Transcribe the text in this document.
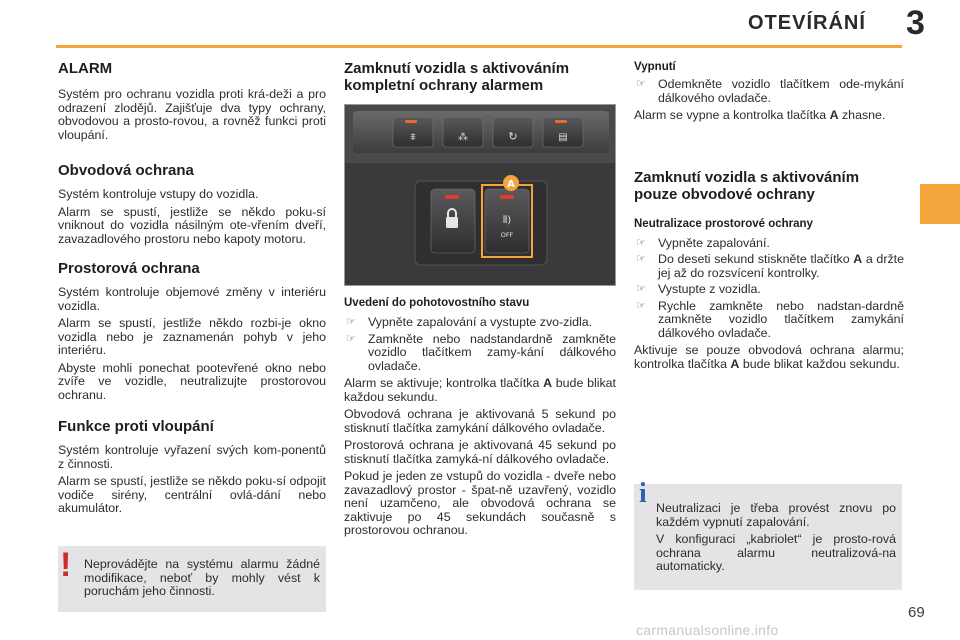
OTEVÍRÁNÍ 3
ALARM

Systém pro ochranu vozidla proti krá-deži a pro odrazení zlodějů. Zajišťuje dva typy ochrany, obvodovou a prosto-rovou, a rovněž funkci proti vloupání.

Obvodová ochrana

Systém kontroluje vstupy do vozidla.

Alarm se spustí, jestliže se někdo poku-sí vniknout do vozidla násilným ote-vřením dveří, zavazadlového prostoru nebo kapoty motoru.

Prostorová ochrana

Systém kontroluje objemové změny v interiéru vozidla.

Alarm se spustí, jestliže někdo rozbi-je okno vozidla nebo je zaznamenán pohyb v jeho interiéru.

Abyste mohli ponechat pootevřené okno nebo zvíře ve vozidle, neutralizujte prostorovou ochranu.

Funkce proti vloupání

Systém kontroluje vyřazení svých kom-ponentů z činnosti.

Alarm se spustí, jestliže se někdo poku-sí odpojit vodiče sirény, centrální ovlá-dání nebo akumulátor.

! Neprovádějte na systému alarmu žádné modifikace, neboť by mohly vést k poruchám jeho činnosti.
Zamknutí vozidla s aktivováním kompletní ochrany alarmem
⩨	⁂	↻	▤
⦀)
OFF
A
Uvedení do pohotovostního stavu
☞ Vypněte zapalování a vystupte zvo-zidla.
☞ Zamkněte nebo nadstandardně zamkněte vozidlo tlačítkem zamy-kání dálkového ovladače.

Alarm se aktivuje; kontrolka tlačítka A bude blikat každou sekundu.

Obvodová ochrana je aktivovaná 5 sekund po stisknutí tlačítka zamykání dálkového ovladače.

Prostorová ochrana je aktivovaná 45 sekund po stisknutí tlačítka zamyká-ní dálkového ovladače.

Pokud je jeden ze vstupů do vozidla - dveře nebo zavazadlový prostor - špat-ně uzavřený, vozidlo není uzamčeno, ale obvodová ochrana se zaktivuje po 45 sekundách současně s prostorovou ochranou.

Vypnutí
☞ Odemkněte vozidlo tlačítkem ode-mykání dálkového ovladače.

Alarm se vypne a kontrolka tlačítka A zhasne.

Zamknutí vozidla s aktivováním pouze obvodové ochrany
Neutralizace prostorové ochrany
☞ Vypněte zapalování.
☞ Do deseti sekund stiskněte tlačítko A a držte jej až do rozsvícení kontrolky.
☞ Vystupte z vozidla.
☞ Rychle zamkněte nebo nadstan-dardně zamkněte vozidlo tlačítkem zamykání dálkového ovladače.

Aktivuje se pouze obvodová ochrana alarmu; kontrolka tlačítka A bude blikat každou sekundu.

i Neutralizaci je třeba provést znovu po každém vypnutí zapalování.

V konfiguraci „kabriolet“ je prosto-rová ochrana alarmu neutralizová-na automaticky.

69
carmanualsonline.info
